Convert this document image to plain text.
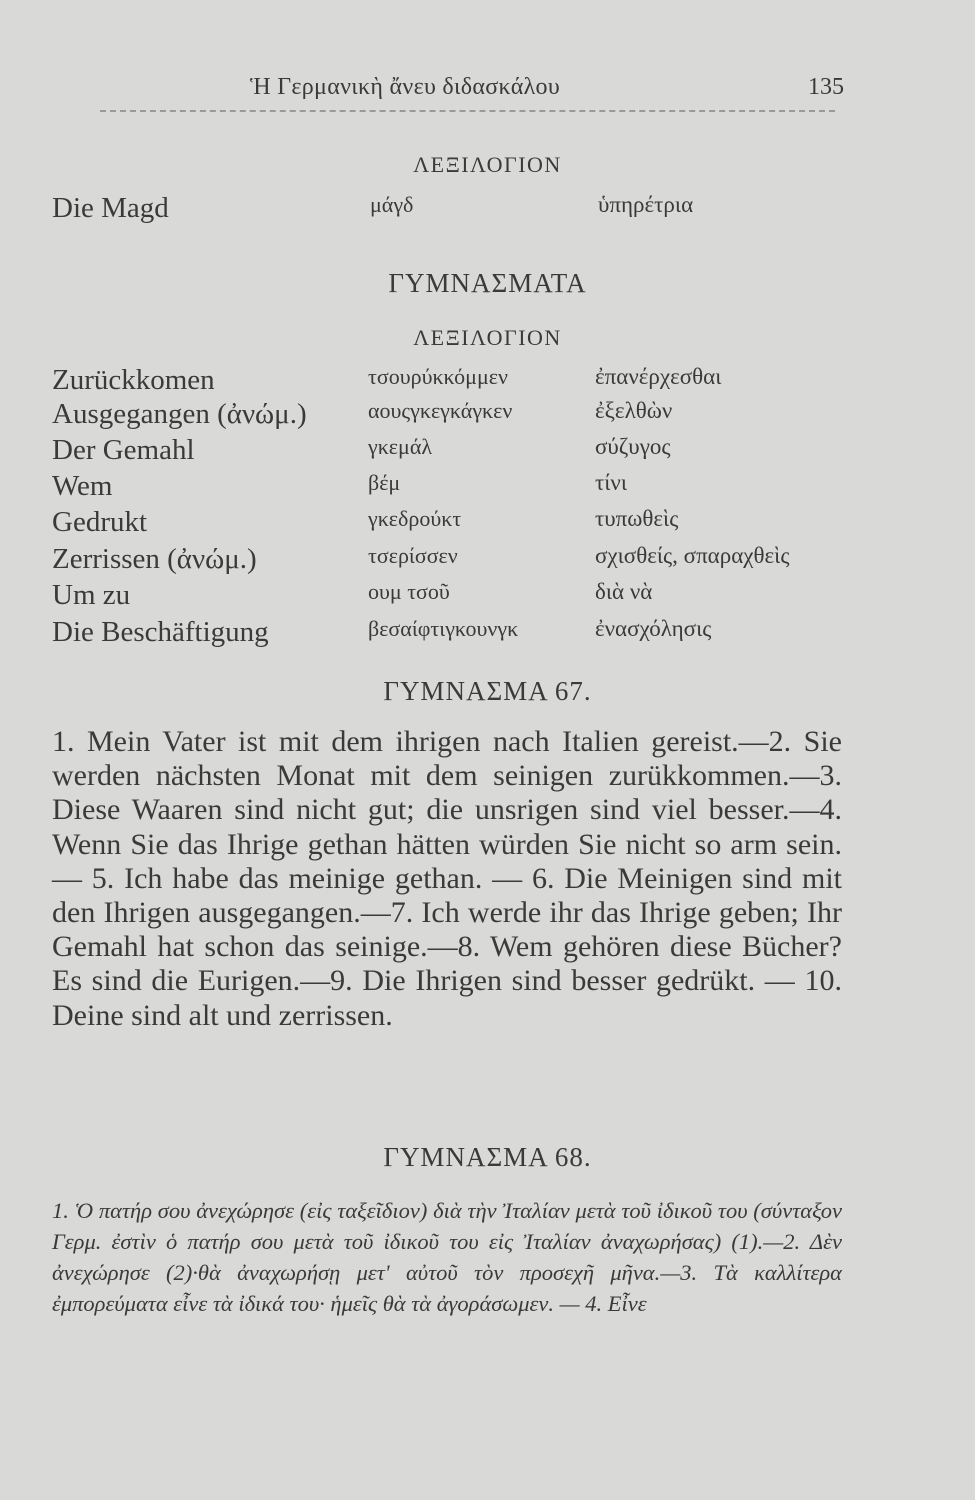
Ἡ Γερμανικὴ ἄνευ διδασκάλου	135
ΛΕΞΙΛΟΓΙΟΝ
Die Magd	μάγδ	ὑπηρέτρια
ΓΥΜΝΑΣΜΑΤΑ
ΛΕΞΙΛΟΓΙΟΝ
Zurückkomen	τσουρύκκόμμεν	ἐπανέρχεσθαι
Ausgegangen (ἀνώμ.)	αουςγκεγκάγκεν	ἐξελθὼν
Der Gemahl	γκεμάλ	σύζυγος
Wem	βέμ	τίνι
Gedrukt	γκεδρούκτ	τυπωθεὶς
Zerrissen (ἀνώμ.)	τσερίσσεν	σχισθείς, σπαραχθεὶς
Um zu	ουμ τσοῦ	διὰ νὰ
Die Beschäftigung	βεσαίφτιγκουνγκ	ἐνασχόλησις
ΓΥΜΝΑΣΜΑ 67.
1. Mein Vater ist mit dem ihrigen nach Italien gereist.—2. Sie werden nächsten Monat mit dem seinigen zurükkommen.—3. Diese Waaren sind nicht gut; die unsrigen sind viel besser.—4. Wenn Sie das Ihrige gethan hätten würden Sie nicht so arm sein. — 5. Ich habe das meinige gethan. — 6. Die Meinigen sind mit den Ihrigen ausgegangen.—7. Ich werde ihr das Ihrige geben; Ihr Gemahl hat schon das seinige.—8. Wem gehören diese Bücher? Es sind die Eurigen.—9. Die Ihrigen sind besser gedrükt. — 10. Deine sind alt und zerrissen.
ΓΥΜΝΑΣΜΑ 68.
1. Ὁ πατήρ σου ἀνεχώρησε (εἰς ταξεῖδιον) διὰ τὴν Ἰταλίαν μετὰ τοῦ ἰδικοῦ του (σύνταξον Γερμ. ἐστὶν ὁ πατήρ σου μετὰ τοῦ ἰδικοῦ του εἰς Ἰταλίαν ἀναχωρήσας) (1).—2. Δὲν ἀνεχώρησε (2)·θὰ ἀναχωρήσῃ μετ' αὐτοῦ τὸν προσεχῆ μῆνα.—3. Τὰ καλλίτερα ἐμπορεύματα εἶνε τὰ ἰδικά του· ἡμεῖς θὰ τὰ ἀγοράσωμεν. — 4. Εἶνε
